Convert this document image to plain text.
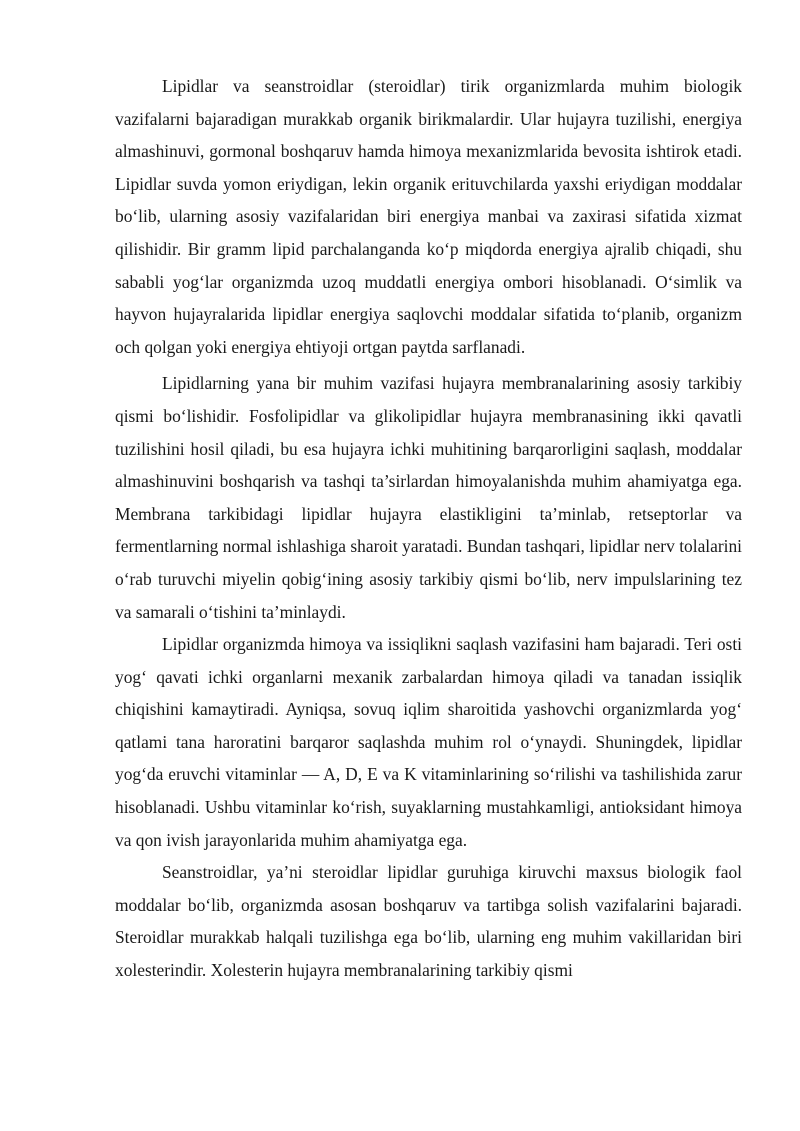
Lipidlar va seanstroidlar (steroidlar) tirik organizmlarda muhim biologik vazifalarni bajaradigan murakkab organik birikmalardir. Ular hujayra tuzilishi, energiya almashinuvi, gormonal boshqaruv hamda himoya mexanizmlarida bevosita ishtirok etadi. Lipidlar suvda yomon eriydigan, lekin organik erituvchilarda yaxshi eriydigan moddalar bo‘lib, ularning asosiy vazifalaridan biri energiya manbai va zaxirasi sifatida xizmat qilishidir. Bir gramm lipid parchalanganda ko‘p miqdorda energiya ajralib chiqadi, shu sababli yog‘lar organizmda uzoq muddatli energiya ombori hisoblanadi. O‘simlik va hayvon hujayralarida lipidlar energiya saqlovchi moddalar sifatida to‘planib, organizm och qolgan yoki energiya ehtiyoji ortgan paytda sarflanadi.

Lipidlarning yana bir muhim vazifasi hujayra membranalarining asosiy tarkibiy qismi bo‘lishidir. Fosfolipidlar va glikolipidlar hujayra membranasining ikki qavatli tuzilishini hosil qiladi, bu esa hujayra ichki muhitining barqarorligini saqlash, moddalar almashinuvini boshqarish va tashqi ta’sirlardan himoyalanishda muhim ahamiyatga ega. Membrana tarkibidagi lipidlar hujayra elastikligini ta’minlab, retseptorlar va fermentlarning normal ishlashiga sharoit yaratadi. Bundan tashqari, lipidlar nerv tolalarini o‘rab turuvchi miyelin qobig‘ining asosiy tarkibiy qismi bo‘lib, nerv impulslarining tez va samarali o‘tishini ta’minlaydi.

Lipidlar organizmda himoya va issiqlikni saqlash vazifasini ham bajaradi. Teri osti yog‘ qavati ichki organlarni mexanik zarbalardan himoya qiladi va tanadan issiqlik chiqishini kamaytiradi. Ayniqsa, sovuq iqlim sharoitida yashovchi organizmlarda yog‘ qatlami tana haroratini barqaror saqlashda muhim rol o‘ynaydi. Shuningdek, lipidlar yog‘da eruvchi vitaminlar — A, D, E va K vitaminlarining so‘rilishi va tashilishida zarur hisoblanadi. Ushbu vitaminlar ko‘rish, suyaklarning mustahkamligi, antioksidant himoya va qon ivish jarayonlarida muhim ahamiyatga ega.

Seanstroidlar, ya’ni steroidlar lipidlar guruhiga kiruvchi maxsus biologik faol moddalar bo‘lib, organizmda asosan boshqaruv va tartibga solish vazifalarini bajaradi. Steroidlar murakkab halqali tuzilishga ega bo‘lib, ularning eng muhim vakillaridan biri xolesterindir. Xolesterin hujayra membranalarining tarkibiy qismi
